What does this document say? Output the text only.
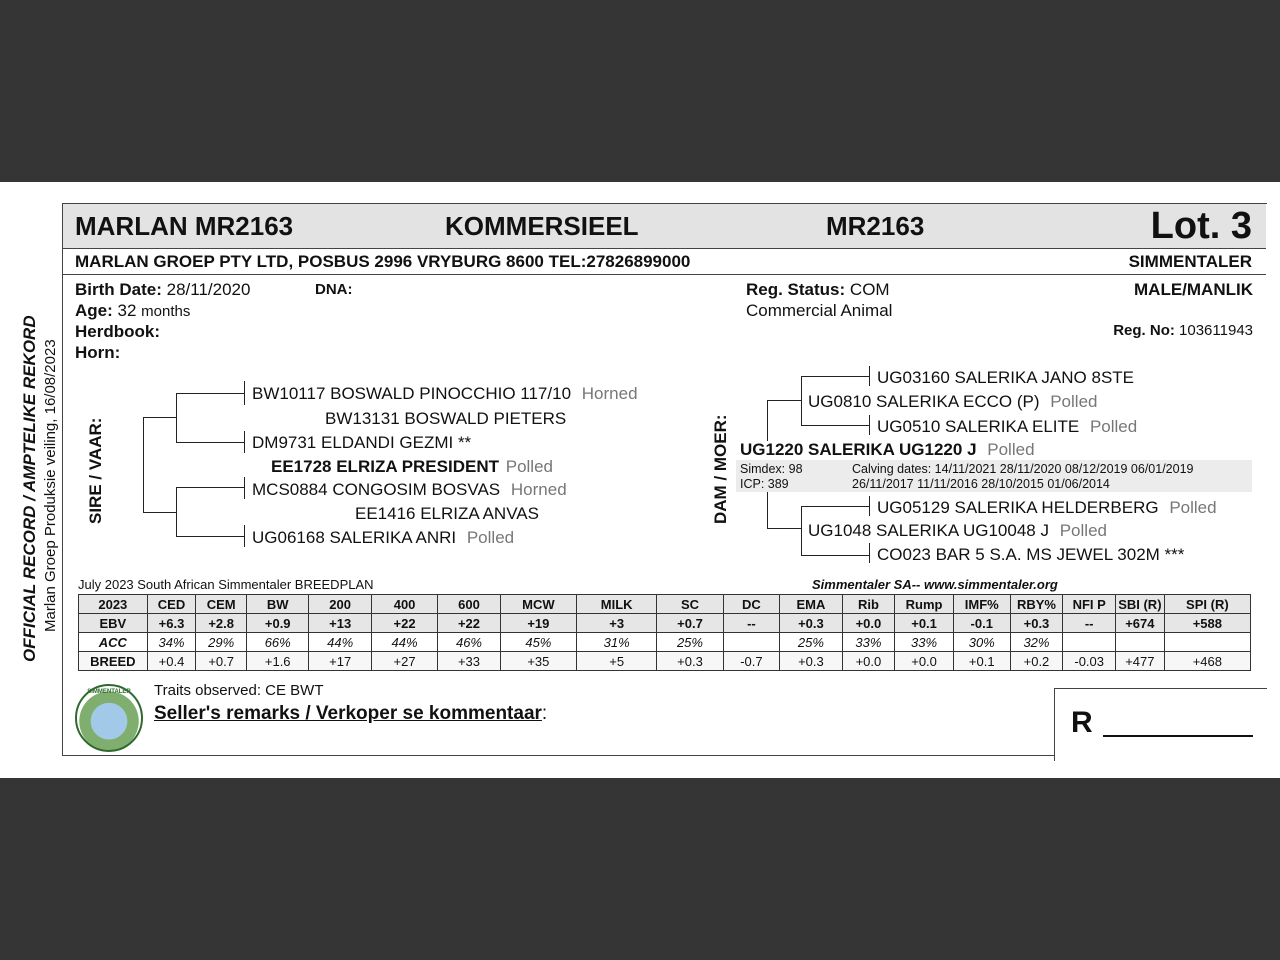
MARLAN MR2163	KOMMERSIEEL	MR2163	Lot. 3
MARLAN GROEP PTY LTD, POSBUS 2996 VRYBURG 8600 TEL:27826899000	SIMMENTALER
OFFICIAL RECORD / AMPTELIKE REKORD Marlan Groep Produksie veiling, 16/08/2023
Birth Date: 28/11/2020	DNA:
Age: 32 months
Herdbook:
Horn:
Reg. Status: COM
Commercial Animal
MALE/MANLIK
Reg. No: 103611943
SIRE / VAAR:
BW10117 BOSWALD PINOCCHIO 117/10 Horned
BW13131 BOSWALD PIETERS
DM9731 ELDANDI GEZMI **
EE1728 ELRIZA PRESIDENT Polled
MCS0884 CONGOSIM BOSVAS Horned
EE1416 ELRIZA ANVAS
UG06168 SALERIKA ANRI Polled
DAM / MOER:
UG03160 SALERIKA JANO 8STE
UG0810 SALERIKA ECCO (P) Polled
UG0510 SALERIKA ELITE Polled
UG1220 SALERIKA UG1220 J Polled
Simdex: 98
ICP: 389
Calving dates: 14/11/2021 28/11/2020 08/12/2019 06/01/2019
26/11/2017 11/11/2016 28/10/2015 01/06/2014
UG05129 SALERIKA HELDERBERG Polled
UG1048 SALERIKA UG10048 J Polled
CO023 BAR 5 S.A. MS JEWEL 302M ***
July 2023 South African Simmentaler BREEDPLAN	Simmentaler SA-- www.simmentaler.org
2023	CED	CEM	BW	200	400	600	MCW	MILK	SC	DC	EMA	Rib	Rump	IMF%	RBY%	NFI P	SBI (R)	SPI (R)
EBV	+6.3	+2.8	+0.9	+13	+22	+22	+19	+3	+0.7	--	+0.3	+0.0	+0.1	-0.1	+0.3	--	+674	+588
ACC	34%	29%	66%	44%	44%	46%	45%	31%	25%		25%	33%	33%	30%	32%			
BREED	+0.4	+0.7	+1.6	+17	+27	+33	+35	+5	+0.3	-0.7	+0.3	+0.0	+0.0	+0.1	+0.2	-0.03	+477	+468
SIMMENTALER	Traits observed: CE BWT
Seller's remarks / Verkoper se kommentaar:	R
